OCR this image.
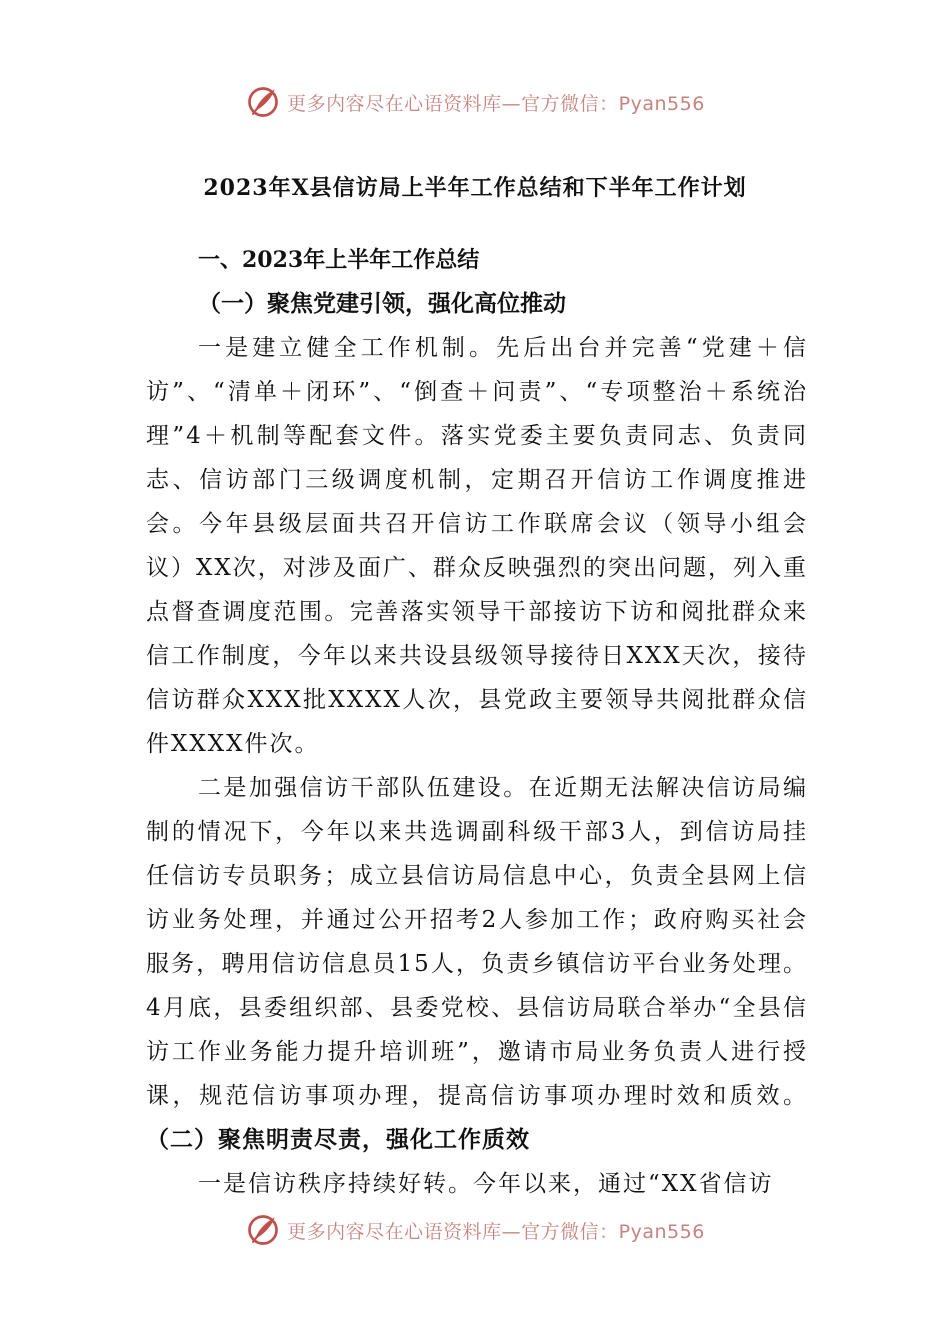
更多内容尽在心语资料库—官方微信：Pyan556
2023年X县信访局上半年工作总结和下半年工作计划

一、2023年上半年工作总结

（一）聚焦党建引领，强化高位推动

一是建立健全工作机制。先后出台并完善“党建＋信访”、“清单＋闭环”、“倒查＋问责”、“专项整治＋系统治理”4＋机制等配套文件。落实党委主要负责同志、负责同志、信访部门三级调度机制，定期召开信访工作调度推进会。今年县级层面共召开信访工作联席会议（领导小组会议）XX次，对涉及面广、群众反映强烈的突出问题，列入重点督查调度范围。完善落实领导干部接访下访和阅批群众来信工作制度，今年以来共设县级领导接待日XXX天次，接待信访群众XXX批XXXX人次，县党政主要领导共阅批群众信件XXXX件次。

二是加强信访干部队伍建设。在近期无法解决信访局编制的情况下，今年以来共选调副科级干部3人，到信访局挂任信访专员职务；成立县信访局信息中心，负责全县网上信访业务处理，并通过公开招考2人参加工作；政府购买社会服务，聘用信访信息员15人，负责乡镇信访平台业务处理。4月底，县委组织部、县委党校、县信访局联合举办“全县信访工作业务能力提升培训班”，邀请市局业务负责人进行授课，规范信访事项办理，提高信访事项办理时效和质效。（二）聚焦明责尽责，强化工作质效

一是信访秩序持续好转。今年以来，通过“XX省信访

更多内容尽在心语资料库—官方微信：Pyan556
